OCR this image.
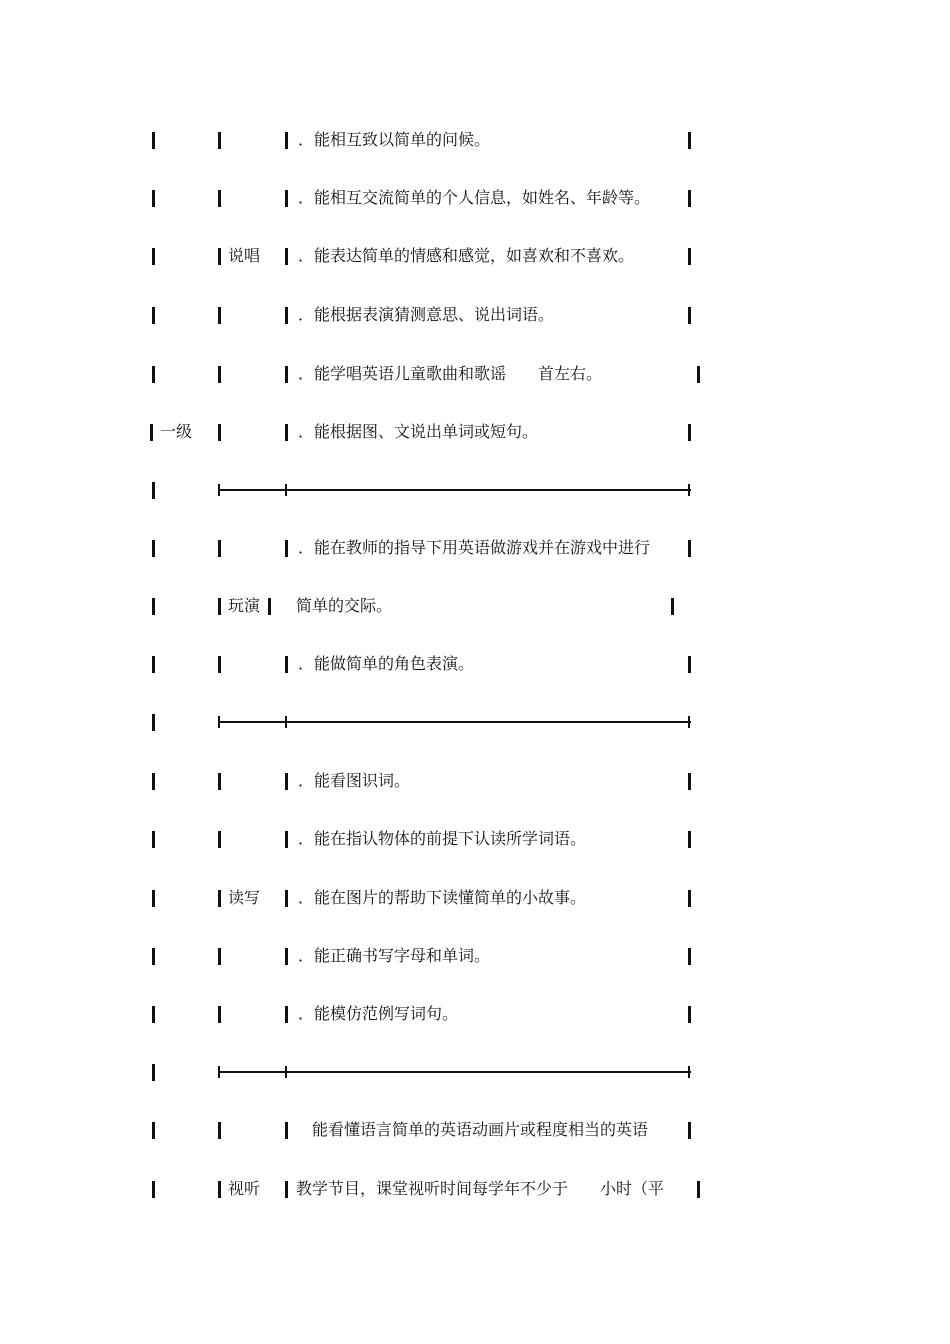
．能相互致以简单的问候。
．能相互交流简单的个人信息，如姓名、年龄等。
说唱 ．能表达简单的情感和感觉，如喜欢和不喜欢。
．能根据表演猜测意思、说出词语。
．能学唱英语儿童歌曲和歌谣　　首左右。
一级	．能根据图、文说出单词或短句。
．能在教师的指导下用英语做游戏并在游戏中进行
玩演 简单的交际。
．能做简单的角色表演。
．能看图识词。
．能在指认物体的前提下认读所学词语。
读写 ．能在图片的帮助下读懂简单的小故事。
．能正确书写字母和单词。
．能模仿范例写词句。
能看懂语言简单的英语动画片或程度相当的英语
视听 教学节目，课堂视听时间每学年不少于　　小时（平
